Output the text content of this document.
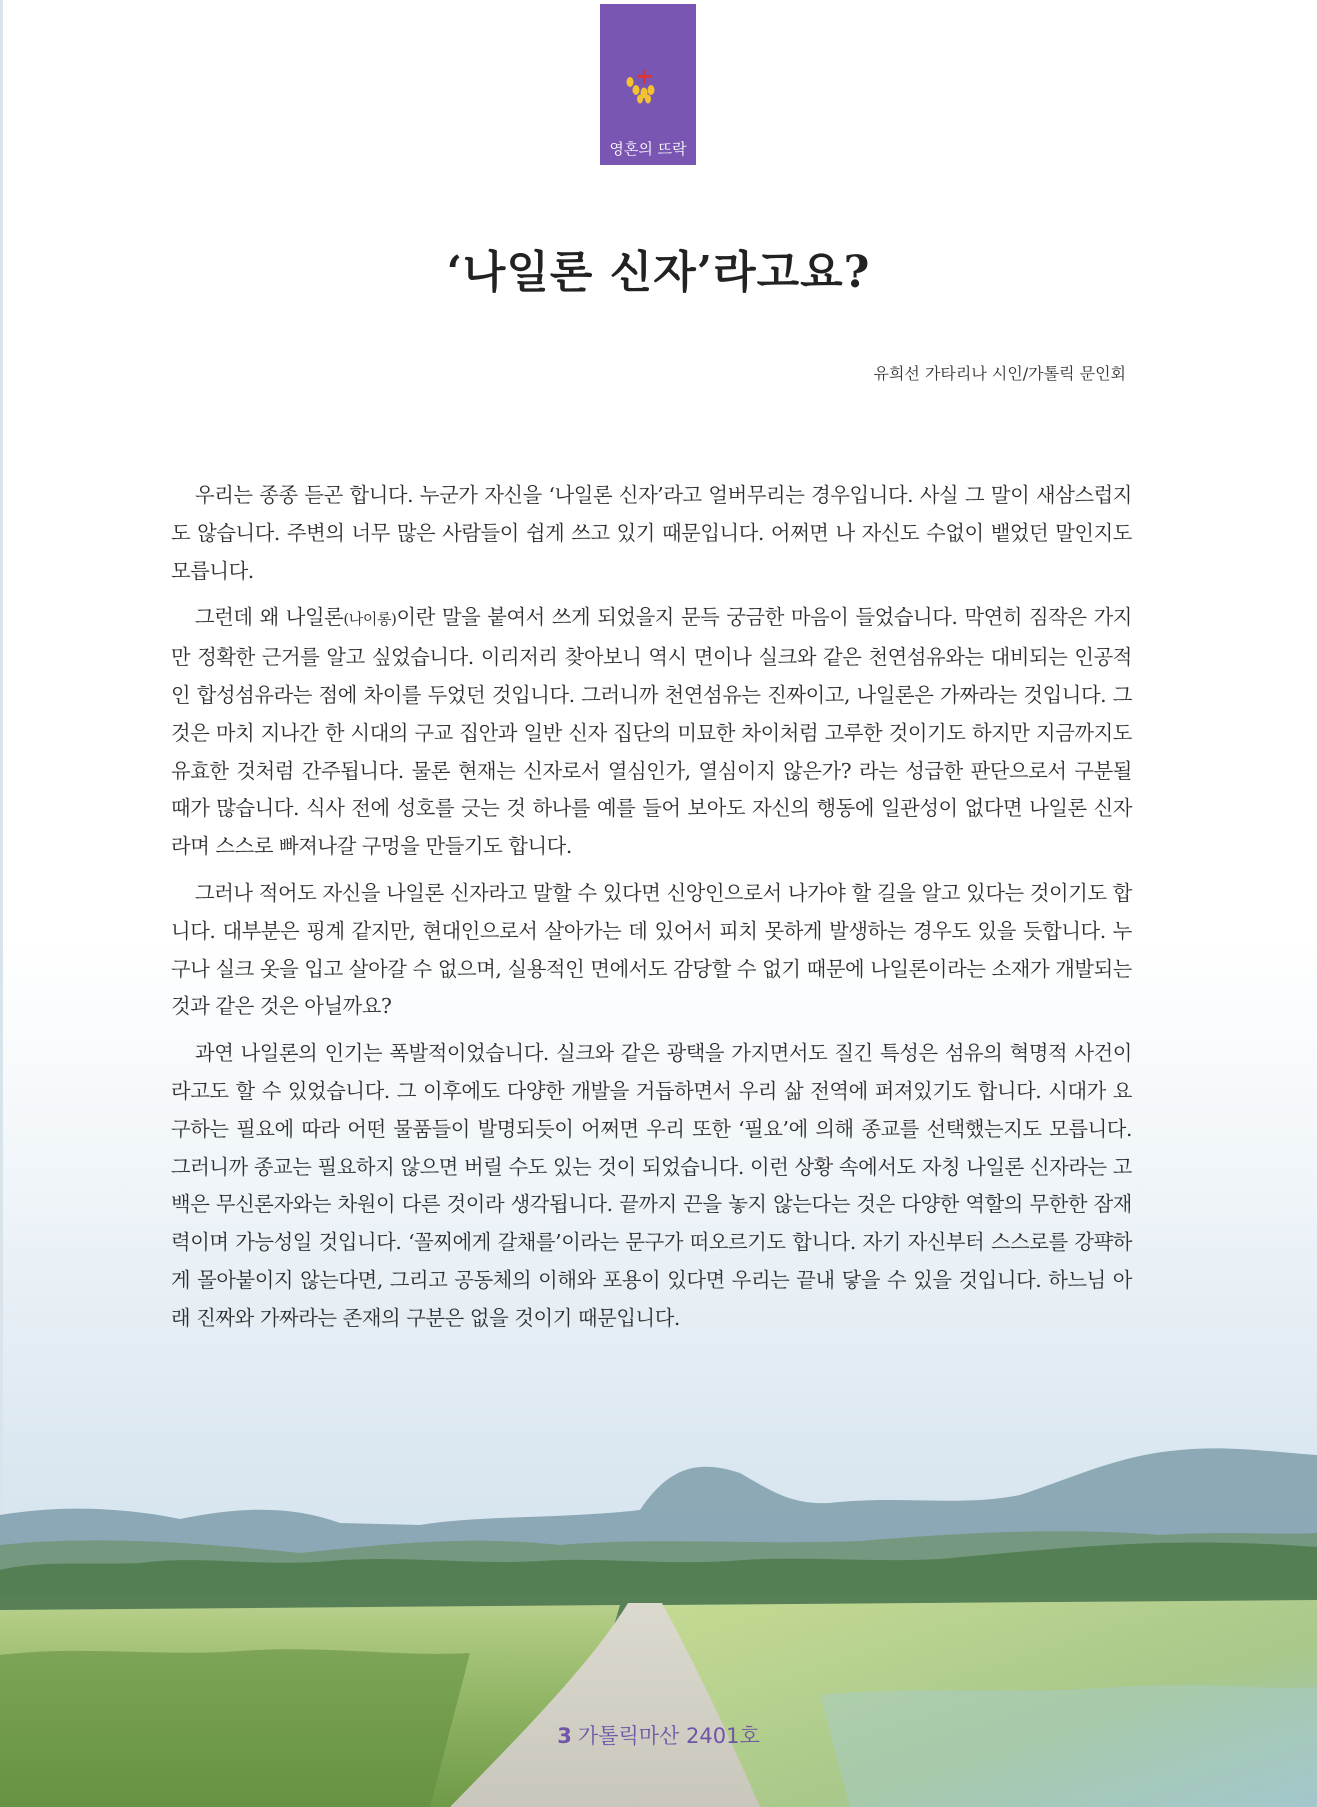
영혼의 뜨락
‘나일론 신자’라고요?
유희선 가타리나 시인/가톨릭 문인회

우리는 종종 듣곤 합니다. 누군가 자신을 ‘나일론 신자’라고 얼버무리는 경우입니다. 사실 그 말이 새삼스럽지도 않습니다. 주변의 너무 많은 사람들이 쉽게 쓰고 있기 때문입니다. 어쩌면 나 자신도 수없이 뱉었던 말인지도 모릅니다.

그런데 왜 나일론(나이롱)이란 말을 붙여서 쓰게 되었을지 문득 궁금한 마음이 들었습니다. 막연히 짐작은 가지만 정확한 근거를 알고 싶었습니다. 이리저리 찾아보니 역시 면이나 실크와 같은 천연섬유와는 대비되는 인공적인 합성섬유라는 점에 차이를 두었던 것입니다. 그러니까 천연섬유는 진짜이고, 나일론은 가짜라는 것입니다. 그것은 마치 지나간 한 시대의 구교 집안과 일반 신자 집단의 미묘한 차이처럼 고루한 것이기도 하지만 지금까지도 유효한 것처럼 간주됩니다. 물론 현재는 신자로서 열심인가, 열심이지 않은가? 라는 성급한 판단으로서 구분될 때가 많습니다. 식사 전에 성호를 긋는 것 하나를 예를 들어 보아도 자신의 행동에 일관성이 없다면 나일론 신자라며 스스로 빠져나갈 구멍을 만들기도 합니다.

그러나 적어도 자신을 나일론 신자라고 말할 수 있다면 신앙인으로서 나가야 할 길을 알고 있다는 것이기도 합니다. 대부분은 핑계 같지만, 현대인으로서 살아가는 데 있어서 피치 못하게 발생하는 경우도 있을 듯합니다. 누구나 실크 옷을 입고 살아갈 수 없으며, 실용적인 면에서도 감당할 수 없기 때문에 나일론이라는 소재가 개발되는 것과 같은 것은 아닐까요?

과연 나일론의 인기는 폭발적이었습니다. 실크와 같은 광택을 가지면서도 질긴 특성은 섬유의 혁명적 사건이라고도 할 수 있었습니다. 그 이후에도 다양한 개발을 거듭하면서 우리 삶 전역에 퍼져있기도 합니다. 시대가 요구하는 필요에 따라 어떤 물품들이 발명되듯이 어쩌면 우리 또한 ‘필요’에 의해 종교를 선택했는지도 모릅니다. 그러니까 종교는 필요하지 않으면 버릴 수도 있는 것이 되었습니다. 이런 상황 속에서도 자칭 나일론 신자라는 고백은 무신론자와는 차원이 다른 것이라 생각됩니다. 끝까지 끈을 놓지 않는다는 것은 다양한 역할의 무한한 잠재력이며 가능성일 것입니다. ‘꼴찌에게 갈채를’이라는 문구가 떠오르기도 합니다. 자기 자신부터 스스로를 강퍅하게 몰아붙이지 않는다면, 그리고 공동체의 이해와 포용이 있다면 우리는 끝내 닿을 수 있을 것입니다. 하느님 아래 진짜와 가짜라는 존재의 구분은 없을 것이기 때문입니다.

3 가톨릭마산 2401호
